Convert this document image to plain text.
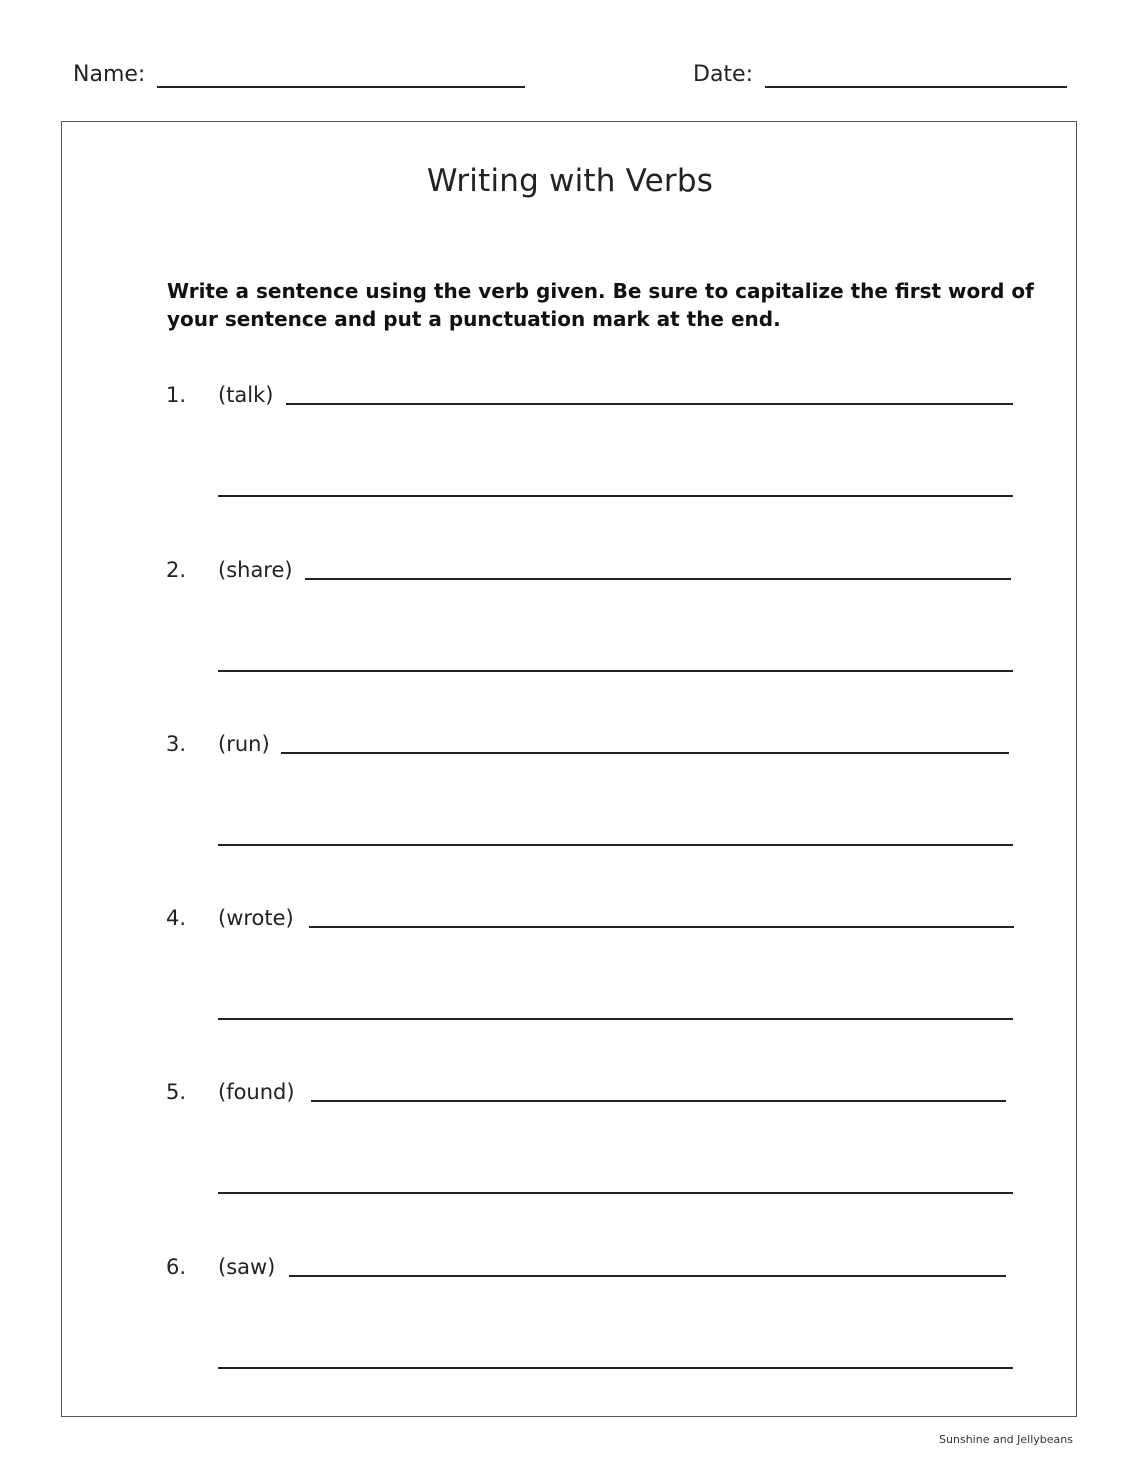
Name:	Date:
Writing with Verbs
Write a sentence using the verb given. Be sure to capitalize the first word of
your sentence and put a punctuation mark at the end.
1. (talk)
2. (share)
3. (run)
4. (wrote)
5. (found)
6. (saw)
Sunshine and Jellybeans
